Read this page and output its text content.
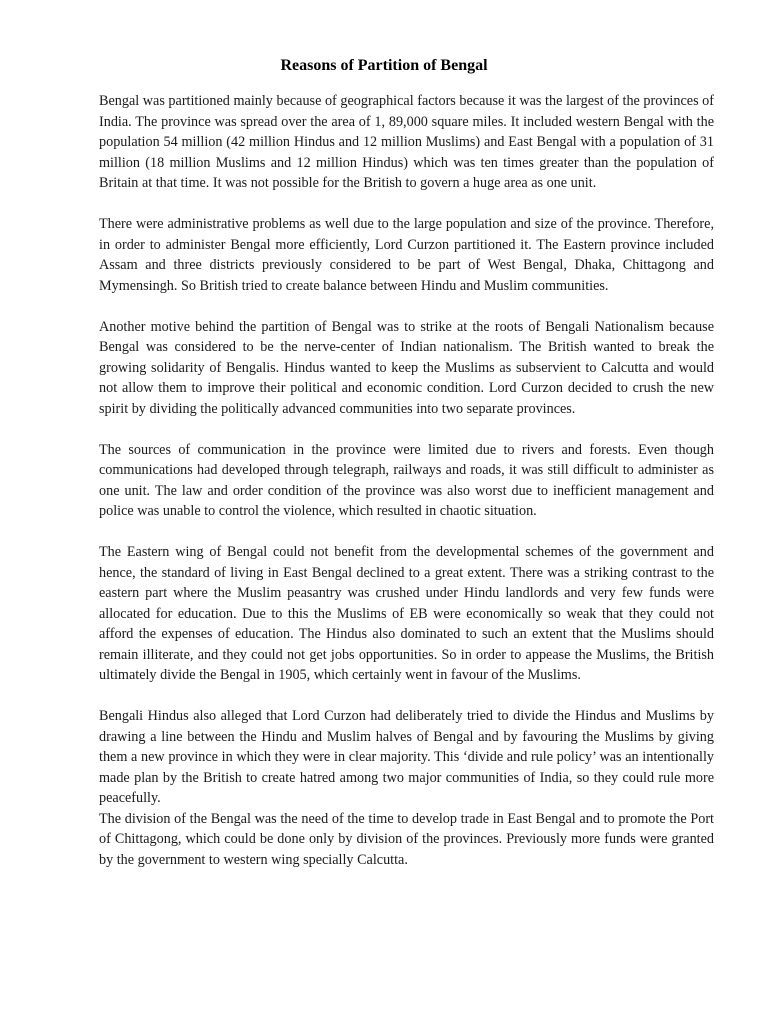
Reasons of Partition of Bengal

Bengal was partitioned mainly because of geographical factors because it was the largest of the provinces of India. The province was spread over the area of 1, 89,000 square miles. It included western Bengal with the population 54 million (42 million Hindus and 12 million Muslims) and East Bengal with a population of 31 million (18 million Muslims and 12 million Hindus) which was ten times greater than the population of Britain at that time. It was not possible for the British to govern a huge area as one unit.

There were administrative problems as well due to the large population and size of the province. Therefore, in order to administer Bengal more efficiently, Lord Curzon partitioned it. The Eastern province included Assam and three districts previously considered to be part of West Bengal, Dhaka, Chittagong and Mymensingh. So British tried to create balance between Hindu and Muslim communities.

Another motive behind the partition of Bengal was to strike at the roots of Bengali Nationalism because Bengal was considered to be the nerve-center of Indian nationalism. The British wanted to break the growing solidarity of Bengalis. Hindus wanted to keep the Muslims as subservient to Calcutta and would not allow them to improve their political and economic condition. Lord Curzon decided to crush the new spirit by dividing the politically advanced communities into two separate provinces.

The sources of communication in the province were limited due to rivers and forests. Even though communications had developed through telegraph, railways and roads, it was still difficult to administer as one unit. The law and order condition of the province was also worst due to inefficient management and police was unable to control the violence, which resulted in chaotic situation.

The Eastern wing of Bengal could not benefit from the developmental schemes of the government and hence, the standard of living in East Bengal declined to a great extent. There was a striking contrast to the eastern part where the Muslim peasantry was crushed under Hindu landlords and very few funds were allocated for education. Due to this the Muslims of EB were economically so weak that they could not afford the expenses of education. The Hindus also dominated to such an extent that the Muslims should remain illiterate, and they could not get jobs opportunities. So in order to appease the Muslims, the British ultimately divide the Bengal in 1905, which certainly went in favour of the Muslims.

Bengali Hindus also alleged that Lord Curzon had deliberately tried to divide the Hindus and Muslims by drawing a line between the Hindu and Muslim halves of Bengal and by favouring the Muslims by giving them a new province in which they were in clear majority. This ‘divide and rule policy’ was an intentionally made plan by the British to create hatred among two major communities of India, so they could rule more peacefully.

The division of the Bengal was the need of the time to develop trade in East Bengal and to promote the Port of Chittagong, which could be done only by division of the provinces. Previously more funds were granted by the government to western wing specially Calcutta.
